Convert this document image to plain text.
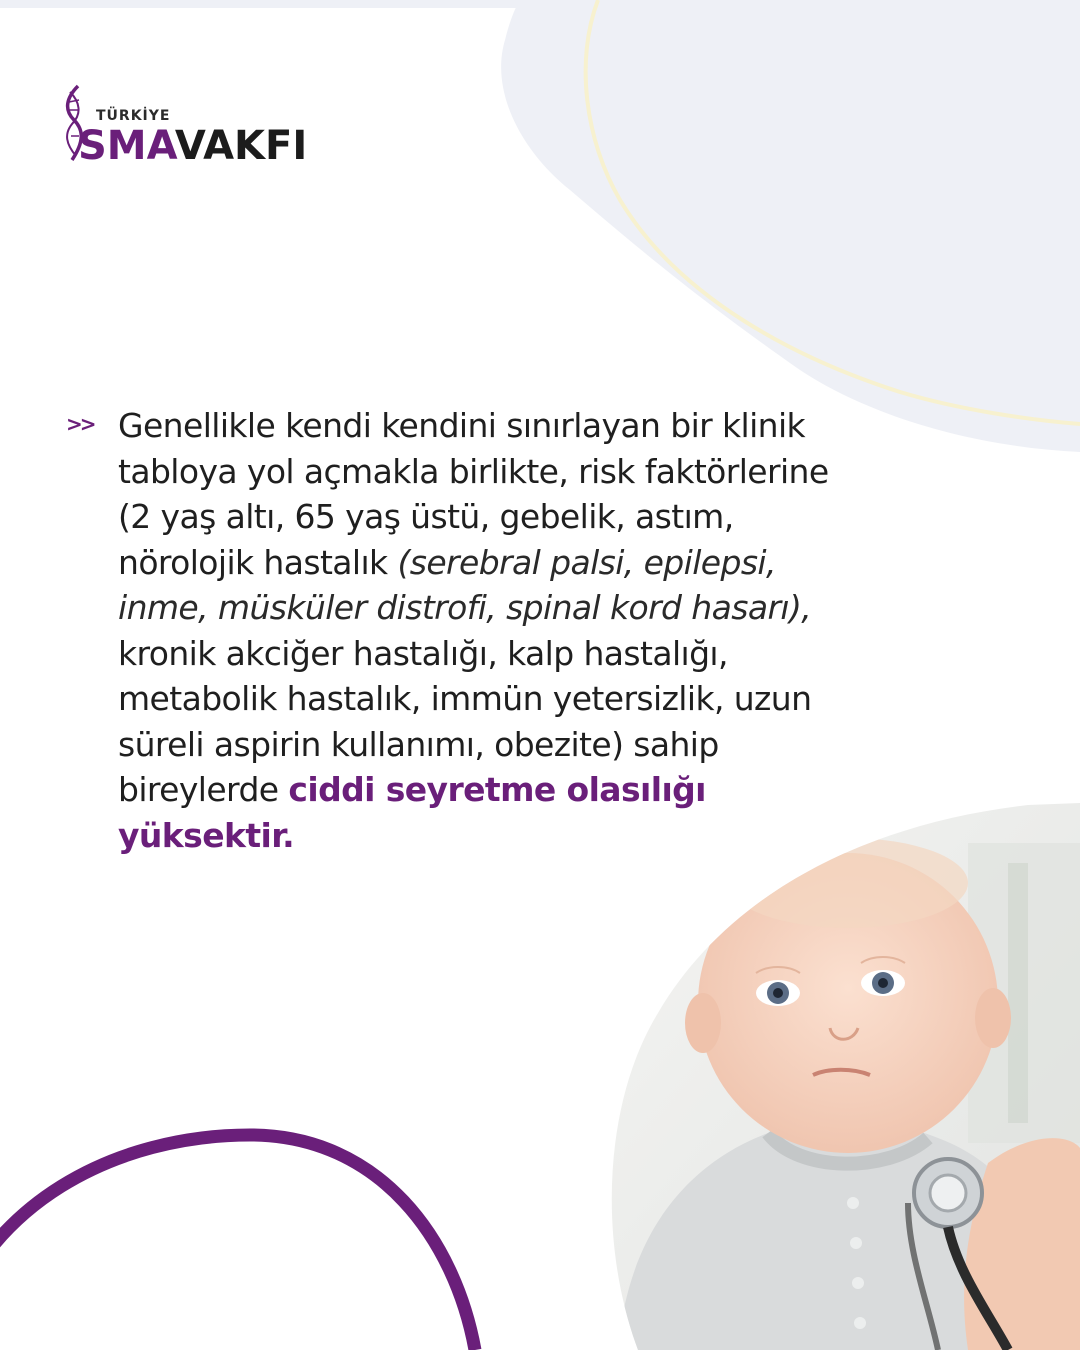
TÜRKİYE
SMAVAKFI
>> Genellikle kendi kendini sınırlayan bir klinik tabloya yol açmakla birlikte, risk faktörlerine (2 yaş altı, 65 yaş üstü, gebelik, astım, nörolojik hastalık (serebral palsi, epilepsi, inme, müsküler distrofi, spinal kord hasarı), kronik akciğer hastalığı, kalp hastalığı, metabolik hastalık, immün yetersizlik, uzun süreli aspirin kullanımı, obezite) sahip bireylerde ciddi seyretme olasılığı yüksektir.
